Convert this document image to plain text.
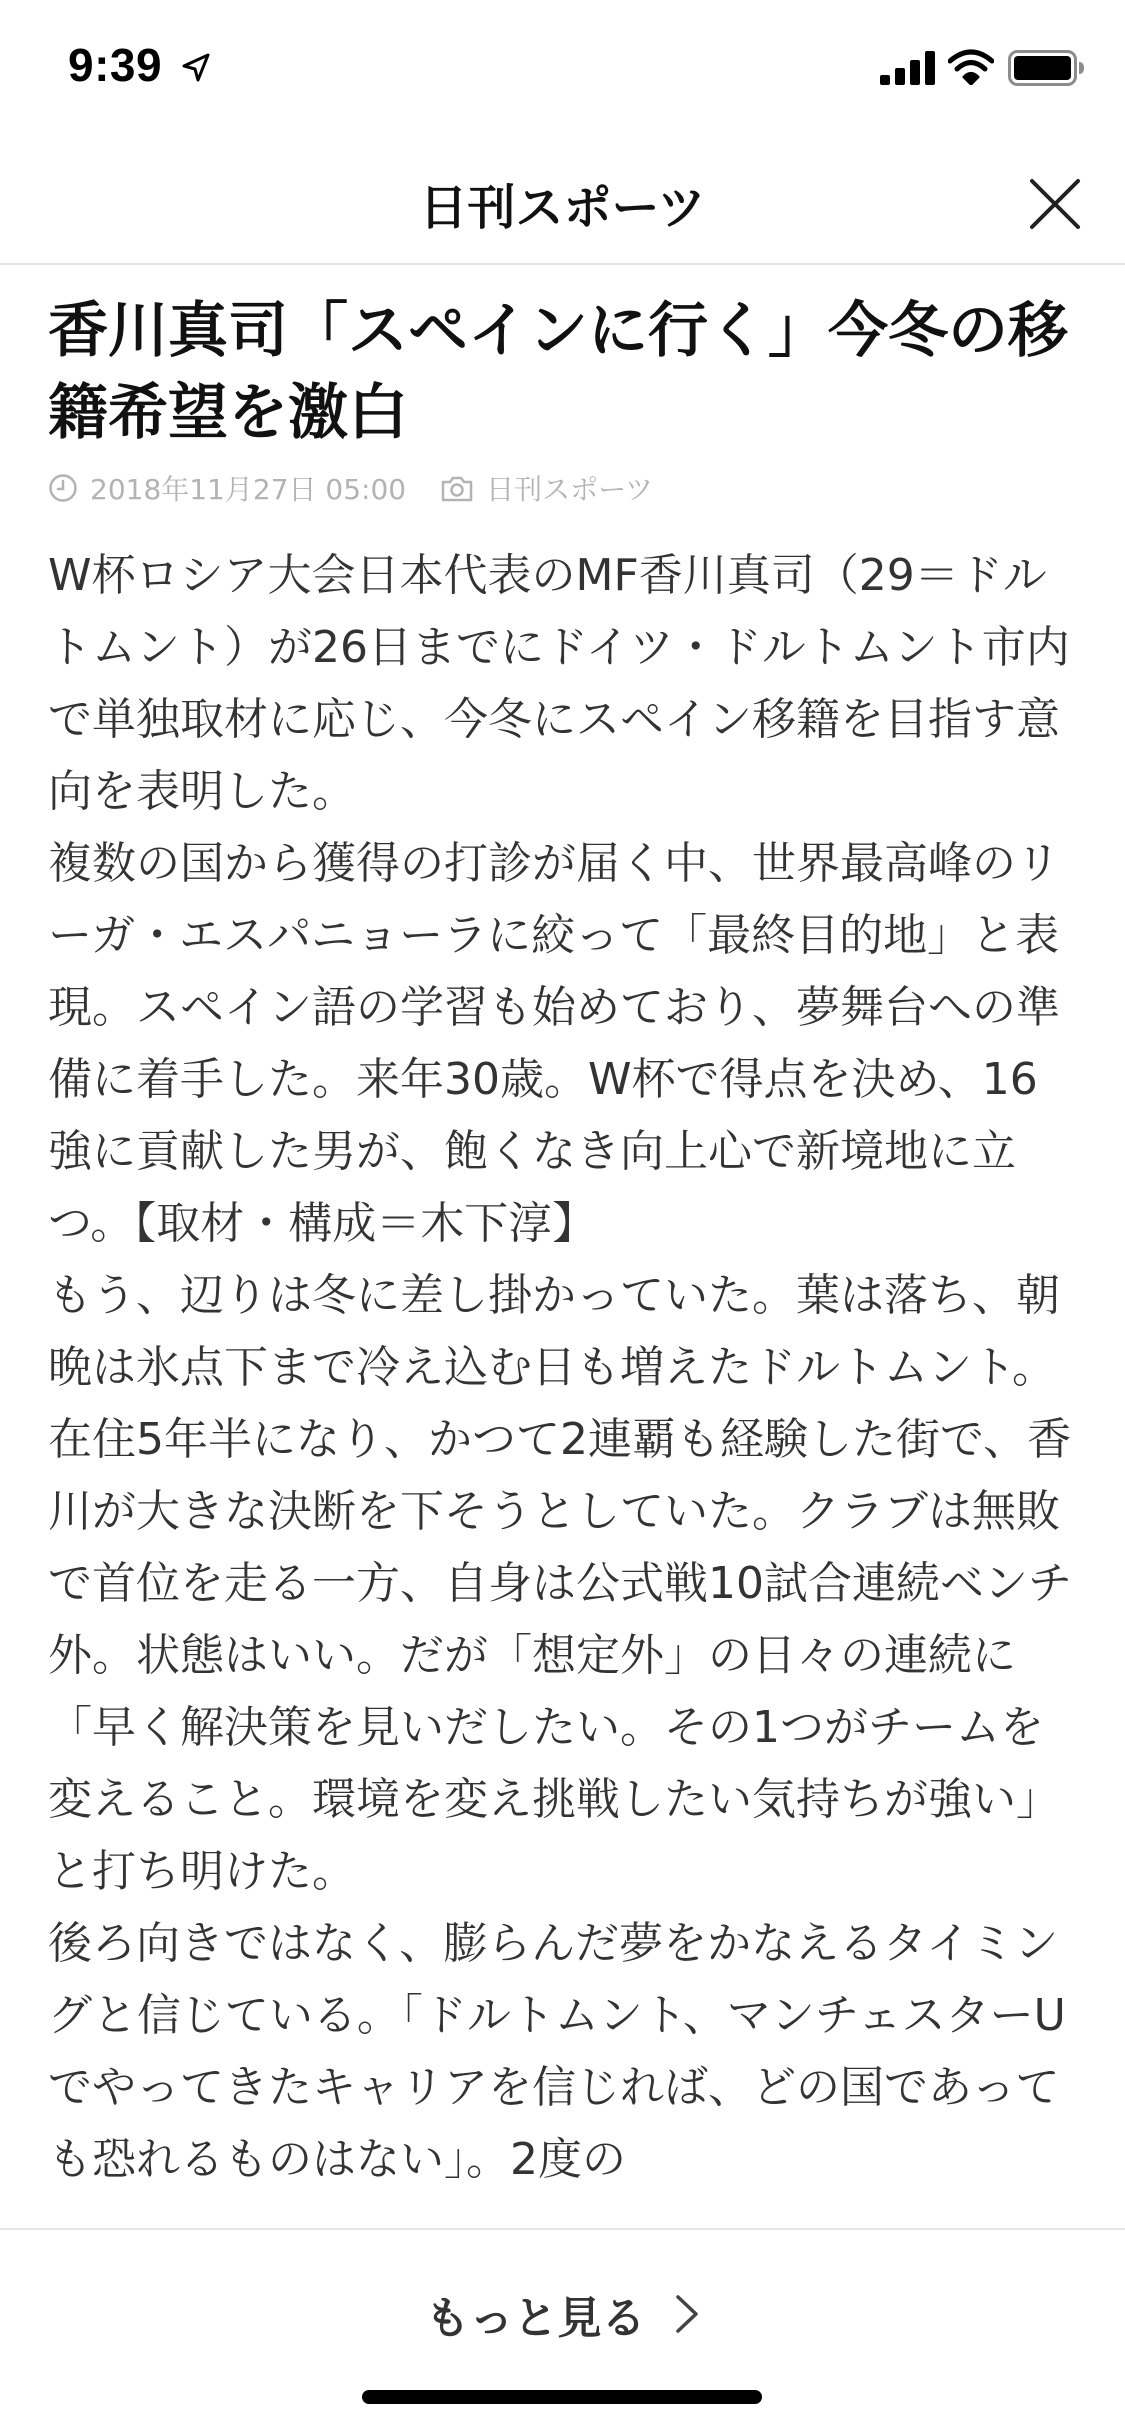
9:39
日刊スポーツ
香川真司「スペインに行く」今冬の移籍希望を激白
2018年11月27日 05:00	日刊スポーツ

W杯ロシア大会日本代表のMF香川真司（29＝ドルトムント）が26日までにドイツ・ドルトムント市内で単独取材に応じ、今冬にスペイン移籍を目指す意向を表明した。

複数の国から獲得の打診が届く中、世界最高峰のリーガ・エスパニョーラに絞って「最終目的地」と表現。スペイン語の学習も始めており、夢舞台への準備に着手した。来年30歳。W杯で得点を決め、16強に貢献した男が、飽くなき向上心で新境地に立つ。【取材・構成＝木下淳】

もう、辺りは冬に差し掛かっていた。葉は落ち、朝晩は氷点下まで冷え込む日も増えたドルトムント。在住5年半になり、かつて2連覇も経験した街で、香川が大きな決断を下そうとしていた。クラブは無敗で首位を走る一方、自身は公式戦10試合連続ベンチ外。状態はいい。だが「想定外」の日々の連続に「早く解決策を見いだしたい。その1つがチームを変えること。環境を変え挑戦したい気持ちが強い」と打ち明けた。

後ろ向きではなく、膨らんだ夢をかなえるタイミングと信じている。「ドルトムント、マンチェスターUでやってきたキャリアを信じれば、どの国であっても恐れるものはない」。2度の

もっと見る
